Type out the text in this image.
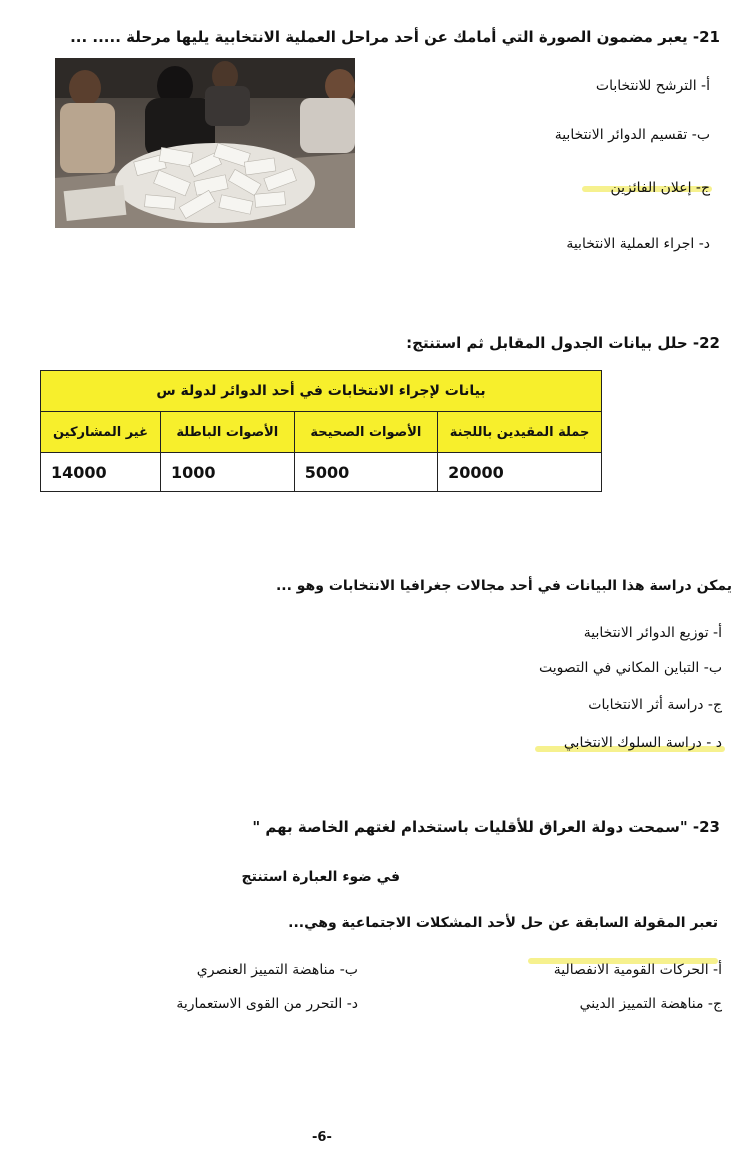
21- يعبر مضمون الصورة التي أمامك عن أحد مراحل العملية الانتخابية يليها مرحلة ..... ...
أ- الترشح للانتخابات
ب- تقسيم الدوائر الانتخابية
ج- إعلان الفائزين
د- اجراء العملية الانتخابية
22- حلل بيانات الجدول المقابل ثم استنتج:
بيانات لإجراء الانتخابات في أحد الدوائر لدولة س			
جملة المقيدين باللجنة	الأصوات الصحيحة	الأصوات الباطلة	غير المشاركين
20000	5000	1000	14000
يمكن دراسة هذا البيانات في أحد مجالات جغرافيا الانتخابات وهو ...
أ- توزيع الدوائر الانتخابية
ب- التباين المكاني في التصويت
ج- دراسة أثر الانتخابات
د - دراسة السلوك الانتخابي
23- "سمحت دولة العراق للأقليات باستخدام لغتهم الخاصة بهم "
في ضوء العبارة استنتج
تعبر المقولة السابقة عن حل لأحد المشكلات الاجتماعية وهي...
أ- الحركات القومية الانفصالية
ب- مناهضة التمييز العنصري
ج- مناهضة التمييز الديني
د- التحرر من القوى الاستعمارية
-6-
